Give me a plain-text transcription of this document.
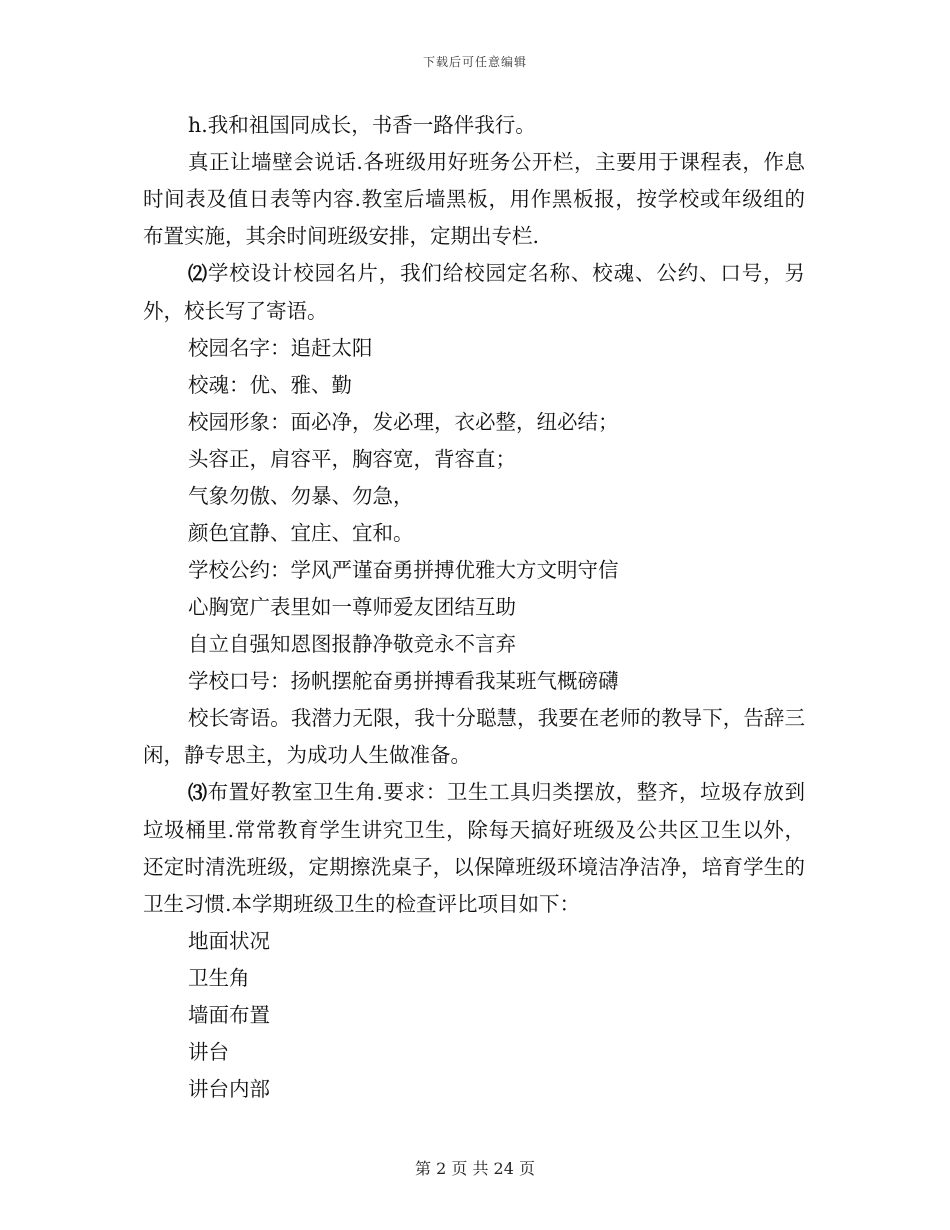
下载后可任意编辑

h.我和祖国同成长，书香一路伴我行。

真正让墙壁会说话.各班级用好班务公开栏，主要用于课程表，作息时间表及值日表等内容.教室后墙黑板，用作黑板报，按学校或年级组的布置实施，其余时间班级安排，定期出专栏.

⑵学校设计校园名片，我们给校园定名称、校魂、公约、口号，另外，校长写了寄语。

校园名字：追赶太阳

校魂：优、雅、勤

校园形象：面必净，发必理，衣必整，纽必结；

头容正，肩容平，胸容宽，背容直；

气象勿傲、勿暴、勿急，

颜色宜静、宜庄、宜和。

学校公约：学风严谨奋勇拼搏优雅大方文明守信

心胸宽广表里如一尊师爱友团结互助

自立自强知恩图报静净敬竞永不言弃

学校口号：扬帆摆舵奋勇拼搏看我某班气概磅礴

校长寄语。我潜力无限，我十分聪慧，我要在老师的教导下，告辞三闲，静专思主，为成功人生做准备。

⑶布置好教室卫生角.要求：卫生工具归类摆放，整齐，垃圾存放到垃圾桶里.常常教育学生讲究卫生，除每天搞好班级及公共区卫生以外，还定时清洗班级，定期擦洗桌子，以保障班级环境洁净洁净，培育学生的卫生习惯.本学期班级卫生的检查评比项目如下：

地面状况

卫生角

墙面布置

讲台

讲台内部

第 2 页 共 24 页
